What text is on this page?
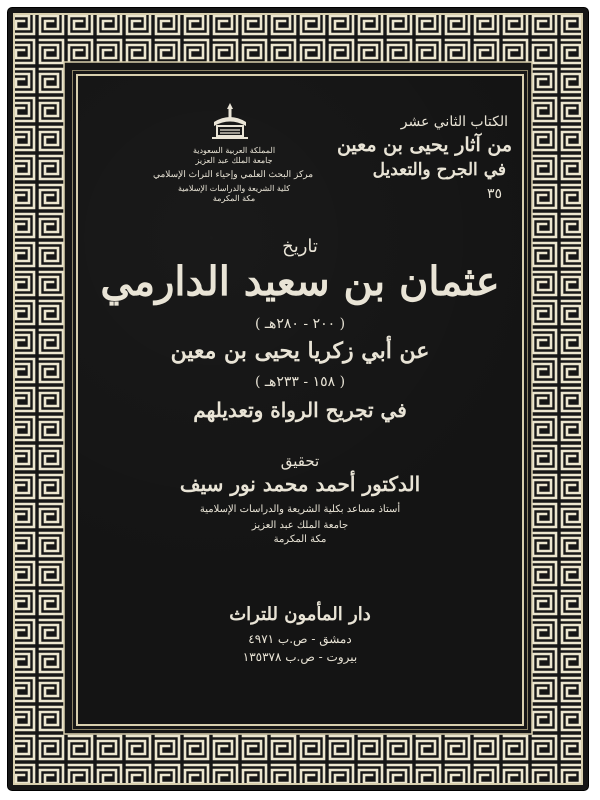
الكتاب الثاني عشر
من آثار يحيى بن معين
في الجرح والتعديل
٣٥
المملكة العربية السعودية
جامعة الملك عبد العزيز
مركز البحث العلمي وإحياء التراث الإسلامي
كلية الشريعة والدراسات الإسلامية
مكة المكرمة
تاريخ
عثمان بن سعيد الدارمي
( ٢٠٠ - ٢٨٠هـ )
عن أبي زكريا يحيى بن معين
( ١٥٨ - ٢٣٣هـ )
في تجريح الرواة وتعديلهم
تحقيق
الدكتور أحمد محمد نور سيف
أستاذ مساعد بكلية الشريعة والدراسات الإسلامية
جامعة الملك عبد العزيز
مكة المكرمة
دار المأمون للتراث
دمشق - ص.ب ٤٩٧١
بيروت - ص.ب ١٣٥٣٧٨
